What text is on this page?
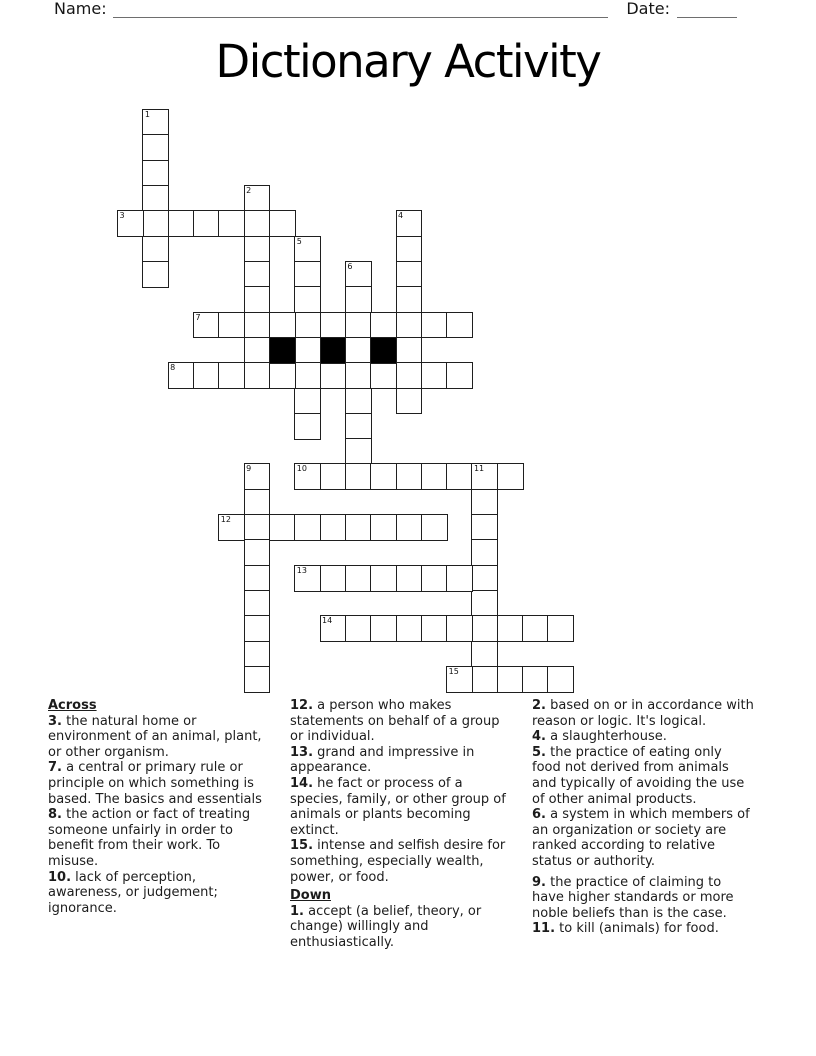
Name:	Date:
Dictionary Activity
1
2
3	4
5
6
7
8
9	10	11
12
13
14
15
Across
3. the natural home or environment of an animal, plant, or other organism.
7. a central or primary rule or principle on which something is based. The basics and essentials
8. the action or fact of treating someone unfairly in order to benefit from their work. To misuse.
10. lack of perception, awareness, or judgement; ignorance.
12. a person who makes statements on behalf of a group or individual.
13. grand and impressive in appearance.
14. he fact or process of a species, family, or other group of animals or plants becoming extinct.
15. intense and selfish desire for something, especially wealth, power, or food.
Down
1. accept (a belief, theory, or change) willingly and enthusiastically.
2. based on or in accordance with reason or logic. It's logical.
4. a slaughterhouse.
5. the practice of eating only food not derived from animals and typically of avoiding the use of other animal products.
6. a system in which members of an organization or society are ranked according to relative status or authority.
9. the practice of claiming to have higher standards or more noble beliefs than is the case.
11. to kill (animals) for food.
